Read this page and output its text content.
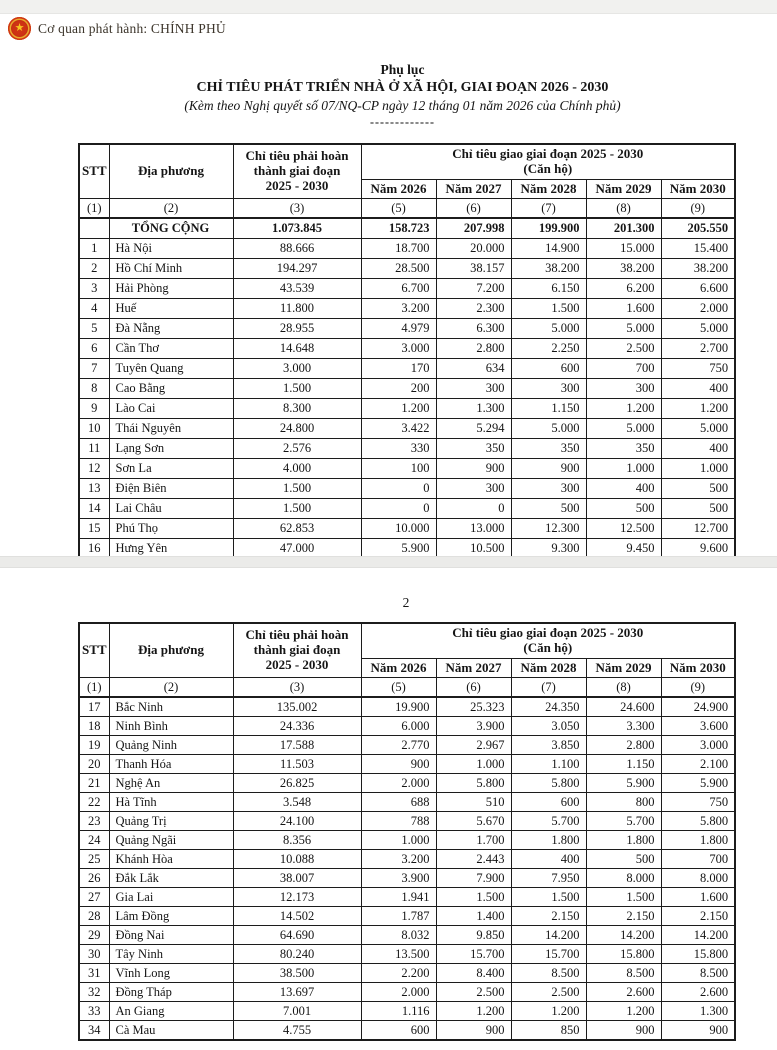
★ Cơ quan phát hành: CHÍNH PHỦ
Phụ lục
CHỈ TIÊU PHÁT TRIỂN NHÀ Ở XÃ HỘI, GIAI ĐOẠN 2026 - 2030
(Kèm theo Nghị quyết số 07/NQ-CP ngày 12 tháng 01 năm 2026 của Chính phủ)
-------------
STT	Địa phương	Chỉ tiêu phải hoàn thành giai đoạn 2025 - 2030	Chỉ tiêu giao giai đoạn 2025 - 2030
(Căn hộ)				

			Năm 2026	Năm 2027	Năm 2028	Năm 2029	Năm 2030
(1)	(2)	(3)	(5)	(6)	(7)	(8)	(9)
	TỔNG CỘNG	1.073.845	158.723	207.998	199.900	201.300	205.550
1	Hà Nội	88.666	18.700	20.000	14.900	15.000	15.400
2	Hồ Chí Minh	194.297	28.500	38.157	38.200	38.200	38.200
3	Hải Phòng	43.539	6.700	7.200	6.150	6.200	6.600
4	Huế	11.800	3.200	2.300	1.500	1.600	2.000
5	Đà Nẵng	28.955	4.979	6.300	5.000	5.000	5.000
6	Cần Thơ	14.648	3.000	2.800	2.250	2.500	2.700
7	Tuyên Quang	3.000	170	634	600	700	750
8	Cao Bằng	1.500	200	300	300	300	400
9	Lào Cai	8.300	1.200	1.300	1.150	1.200	1.200
10	Thái Nguyên	24.800	3.422	5.294	5.000	5.000	5.000
11	Lạng Sơn	2.576	330	350	350	350	400
12	Sơn La	4.000	100	900	900	1.000	1.000
13	Điện Biên	1.500	0	300	300	400	500
14	Lai Châu	1.500	0	0	500	500	500
15	Phú Thọ	62.853	10.000	13.000	12.300	12.500	12.700
16	Hưng Yên	47.000	5.900	10.500	9.300	9.450	9.600
2
STT	Địa phương	Chỉ tiêu phải hoàn thành giai đoạn 2025 - 2030	Chỉ tiêu giao giai đoạn 2025 - 2030
(Căn hộ)				

			Năm 2026	Năm 2027	Năm 2028	Năm 2029	Năm 2030
(1)	(2)	(3)	(5)	(6)	(7)	(8)	(9)
17	Bắc Ninh	135.002	19.900	25.323	24.350	24.600	24.900
18	Ninh Bình	24.336	6.000	3.900	3.050	3.300	3.600
19	Quảng Ninh	17.588	2.770	2.967	3.850	2.800	3.000
20	Thanh Hóa	11.503	900	1.000	1.100	1.150	2.100
21	Nghệ An	26.825	2.000	5.800	5.800	5.900	5.900
22	Hà Tĩnh	3.548	688	510	600	800	750
23	Quảng Trị	24.100	788	5.670	5.700	5.700	5.800
24	Quảng Ngãi	8.356	1.000	1.700	1.800	1.800	1.800
25	Khánh Hòa	10.088	3.200	2.443	400	500	700
26	Đắk Lắk	38.007	3.900	7.900	7.950	8.000	8.000
27	Gia Lai	12.173	1.941	1.500	1.500	1.500	1.600
28	Lâm Đồng	14.502	1.787	1.400	2.150	2.150	2.150
29	Đồng Nai	64.690	8.032	9.850	14.200	14.200	14.200
30	Tây Ninh	80.240	13.500	15.700	15.700	15.800	15.800
31	Vĩnh Long	38.500	2.200	8.400	8.500	8.500	8.500
32	Đồng Tháp	13.697	2.000	2.500	2.500	2.600	2.600
33	An Giang	7.001	1.116	1.200	1.200	1.200	1.300
34	Cà Mau	4.755	600	900	850	900	900
